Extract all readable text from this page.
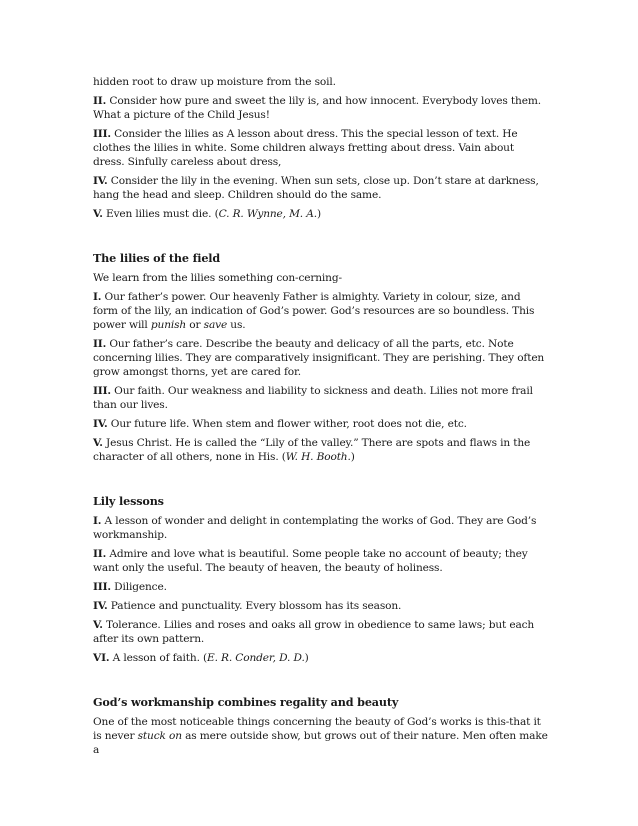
hidden root to draw up moisture from the soil.

II. Consider how pure and sweet the lily is, and how innocent. Everybody loves them. What a picture of the Child Jesus!

III. Consider the lilies as A lesson about dress. This the special lesson of text. He clothes the lilies in white. Some children always fretting about dress. Vain about dress. Sinfully careless about dress,

IV. Consider the lily in the evening. When sun sets, close up. Don’t stare at darkness, hang the head and sleep. Children should do the same.

V. Even lilies must die. (C. R. Wynne, M. A.)

The lilies of the field

We learn from the lilies something con-cerning-

I. Our father’s power. Our heavenly Father is almighty. Variety in colour, size, and form of the lily, an indication of God’s power. God’s resources are so boundless. This power will punish or save us.

II. Our father’s care. Describe the beauty and delicacy of all the parts, etc. Note concerning lilies. They are comparatively insignificant. They are perishing. They often grow amongst thorns, yet are cared for.

III. Our faith. Our weakness and liability to sickness and death. Lilies not more frail than our lives.

IV. Our future life. When stem and flower wither, root does not die, etc.

V. Jesus Christ. He is called the “Lily of the valley.” There are spots and flaws in the character of all others, none in His. (W. H. Booth.)

Lily lessons

I. A lesson of wonder and delight in contemplating the works of God. They are God’s workmanship.

II. Admire and love what is beautiful. Some people take no account of beauty; they want only the useful. The beauty of heaven, the beauty of holiness.

III. Diligence.

IV. Patience and punctuality. Every blossom has its season.

V. Tolerance. Lilies and roses and oaks all grow in obedience to same laws; but each after its own pattern.

VI. A lesson of faith. (E. R. Conder, D. D.)

God’s workmanship combines regality and beauty

One of the most noticeable things concerning the beauty of God’s works is this-that it is never stuck on as mere outside show, but grows out of their nature. Men often make a
